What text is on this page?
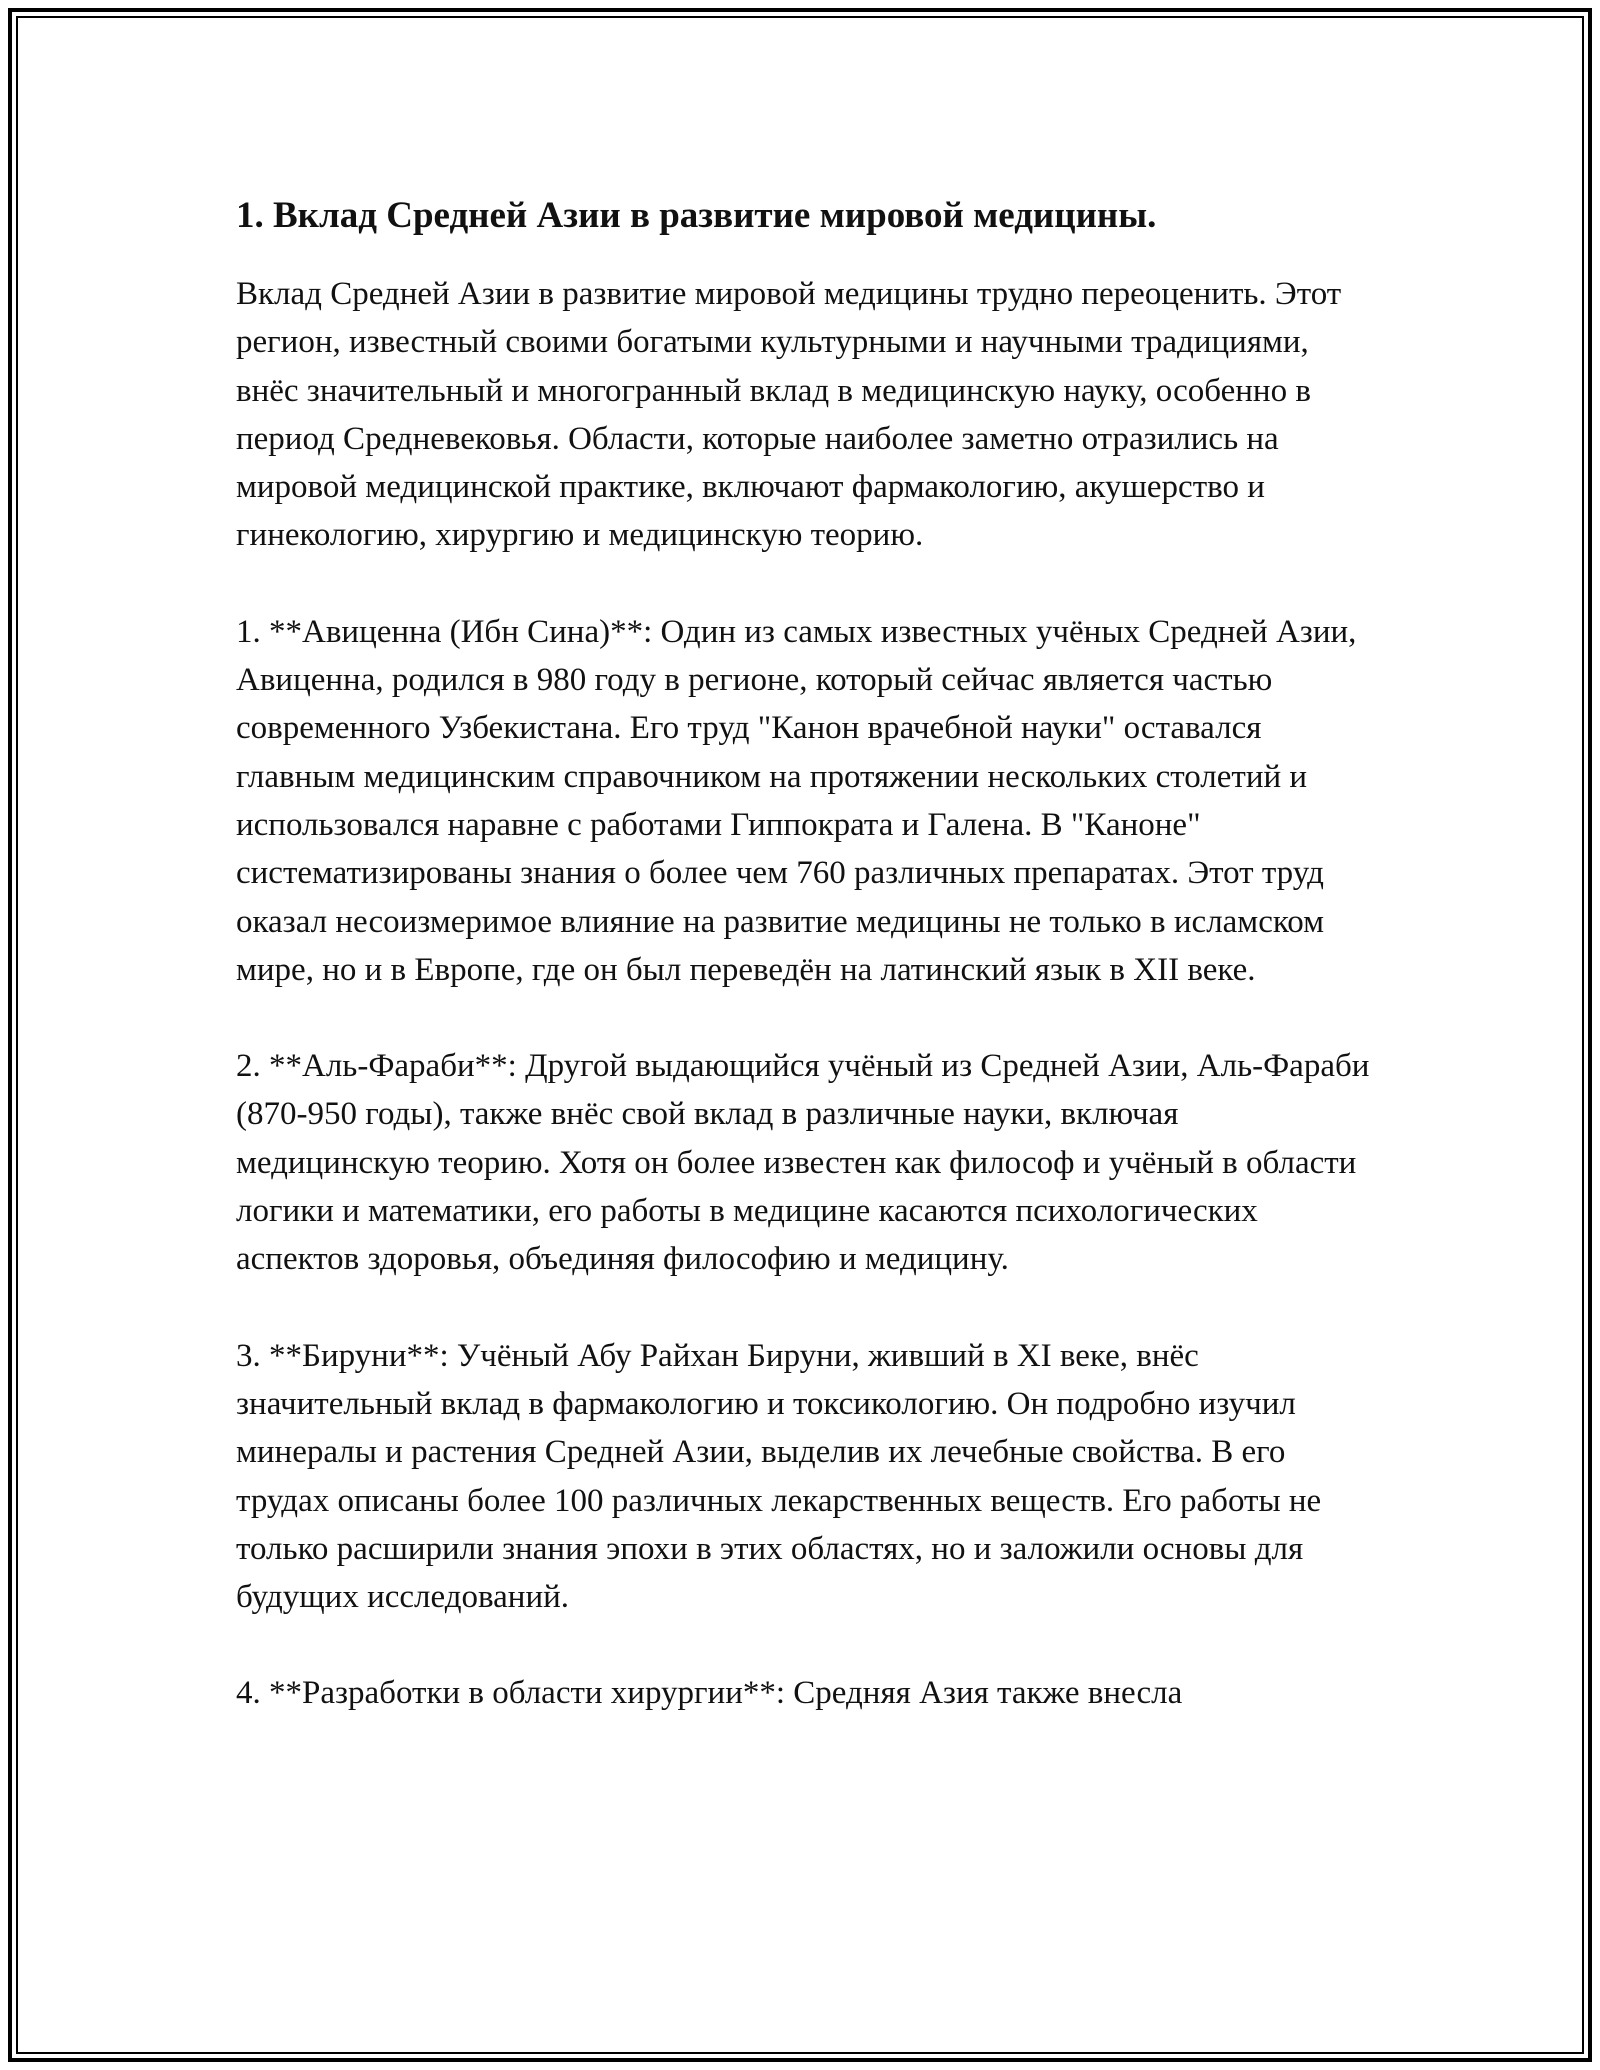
1. Вклад Средней Азии в развитие мировой медицины.

Вклад Средней Азии в развитие мировой медицины трудно переоценить. Этот регион, известный своими богатыми культурными и научными традициями, внёс значительный и многогранный вклад в медицинскую науку, особенно в период Средневековья. Области, которые наиболее заметно отразились на мировой медицинской практике, включают фармакологию, акушерство и гинекологию, хирургию и медицинскую теорию.

1. **Авиценна (Ибн Сина)**: Один из самых известных учёных Средней Азии, Авиценна, родился в 980 году в регионе, который сейчас является частью современного Узбекистана. Его труд "Канон врачебной науки" оставался главным медицинским справочником на протяжении нескольких столетий и использовался наравне с работами Гиппократа и Галена. В "Каноне" систематизированы знания о более чем 760 различных препаратах. Этот труд оказал несоизмеримое влияние на развитие медицины не только в исламском мире, но и в Европе, где он был переведён на латинский язык в XII веке.

2. **Аль-Фараби**: Другой выдающийся учёный из Средней Азии, Аль-Фараби (870-950 годы), также внёс свой вклад в различные науки, включая медицинскую теорию. Хотя он более известен как философ и учёный в области логики и математики, его работы в медицине касаются психологических аспектов здоровья, объединяя философию и медицину.

3. **Бируни**: Учёный Абу Райхан Бируни, живший в XI веке, внёс значительный вклад в фармакологию и токсикологию. Он подробно изучил минералы и растения Средней Азии, выделив их лечебные свойства. В его трудах описаны более 100 различных лекарственных веществ. Его работы не только расширили знания эпохи в этих областях, но и заложили основы для будущих исследований.

4. **Разработки в области хирургии**: Средняя Азия также внесла
